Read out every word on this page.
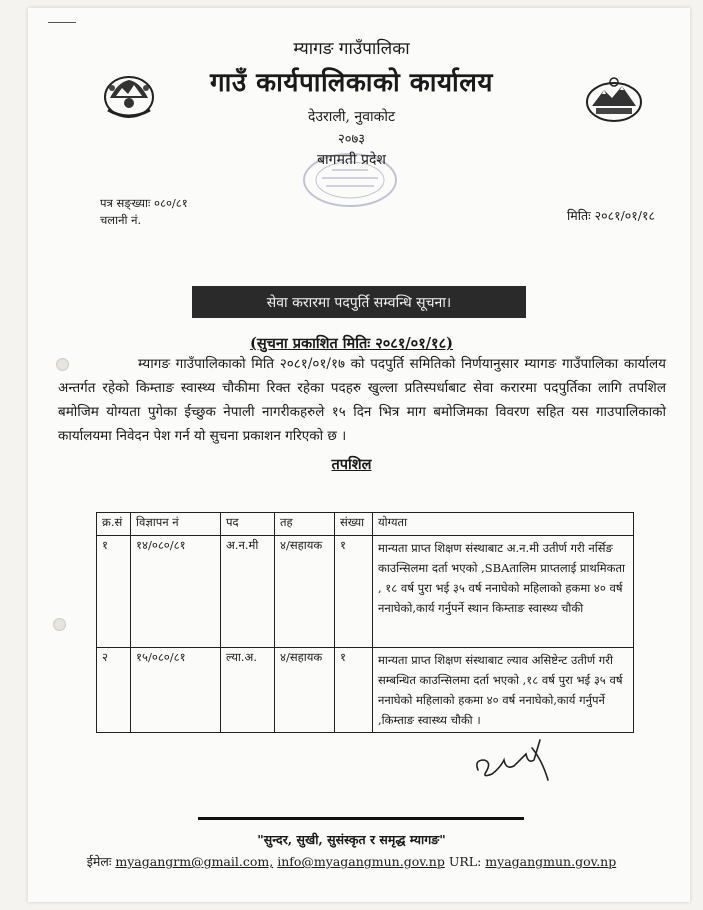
म्यागङ गाउँपालिका
गाउँ कार्यपालिकाको कार्यालय
देउराली, नुवाकोट
२०७३
बागमती प्रदेश
पत्र सङ्ख्याः ०८०/८१
चलानी नं.	मितिः २०८१/०१/१८
सेवा करारमा पदपुर्ति सम्वन्धि सूचना।
(सुचना प्रकाशित मितिः २०८१/०१/१८)
म्यागङ गाउँपालिकाको मिति २०८१/०१/१७ को पदपुर्ति समितिको निर्णयानुसार म्यागङ गाउँपालिका कार्यालय अन्तर्गत रहेको किम्ताङ स्वास्थ्य चौकीमा रिक्त रहेका पदहरु खुल्ला प्रतिस्पर्धाबाट सेवा करारमा पदपुर्तिका लागि तपशिल बमोजिम योग्यता पुगेका ईच्छुक नेपाली नागरीकहरुले १५ दिन भित्र माग बमोजिमका विवरण सहित यस गाउपालिकाको कार्यालयमा निवेदन पेश गर्न यो सुचना प्रकाशन गरिएको छ ।
तपशिल
क्र.सं	विज्ञापन नं	पद	तह	संख्या	योग्यता
१	१४/०८०/८१	अ.न.मी	४/सहायक	१	मान्यता प्राप्त शिक्षण संस्थाबाट अ.न.मी उतीर्ण गरी नर्सिङ काउन्सिलमा दर्ता भएको ,SBAतालिम प्राप्तलाई प्राथमिकता , १८ वर्ष पुरा भई ३५ वर्ष ननाघेको महिलाको हकमा ४० वर्ष ननाघेको,कार्य गर्नुपर्ने स्थान किम्ताङ स्वास्थ्य चौकी
२	१५/०८०/८१	ल्या.अ.	४/सहायक	१	मान्यता प्राप्त शिक्षण संस्थाबाट ल्याव असिष्टेन्ट उतीर्ण गरी सम्बन्धित काउन्सिलमा दर्ता भएको ,१८ वर्ष पुरा भई ३५ वर्ष ननाघेको महिलाको हकमा ४० वर्ष ननाघेको,कार्य गर्नुपर्ने ,किम्ताङ स्वास्थ्य चौकी ।
"सुन्दर, सुखी, सुसंस्कृत र समृद्ध म्यागङ"
ईमेलः myagangrm@gmail.com, info@myagangmun.gov.np URL: myagangmun.gov.np
